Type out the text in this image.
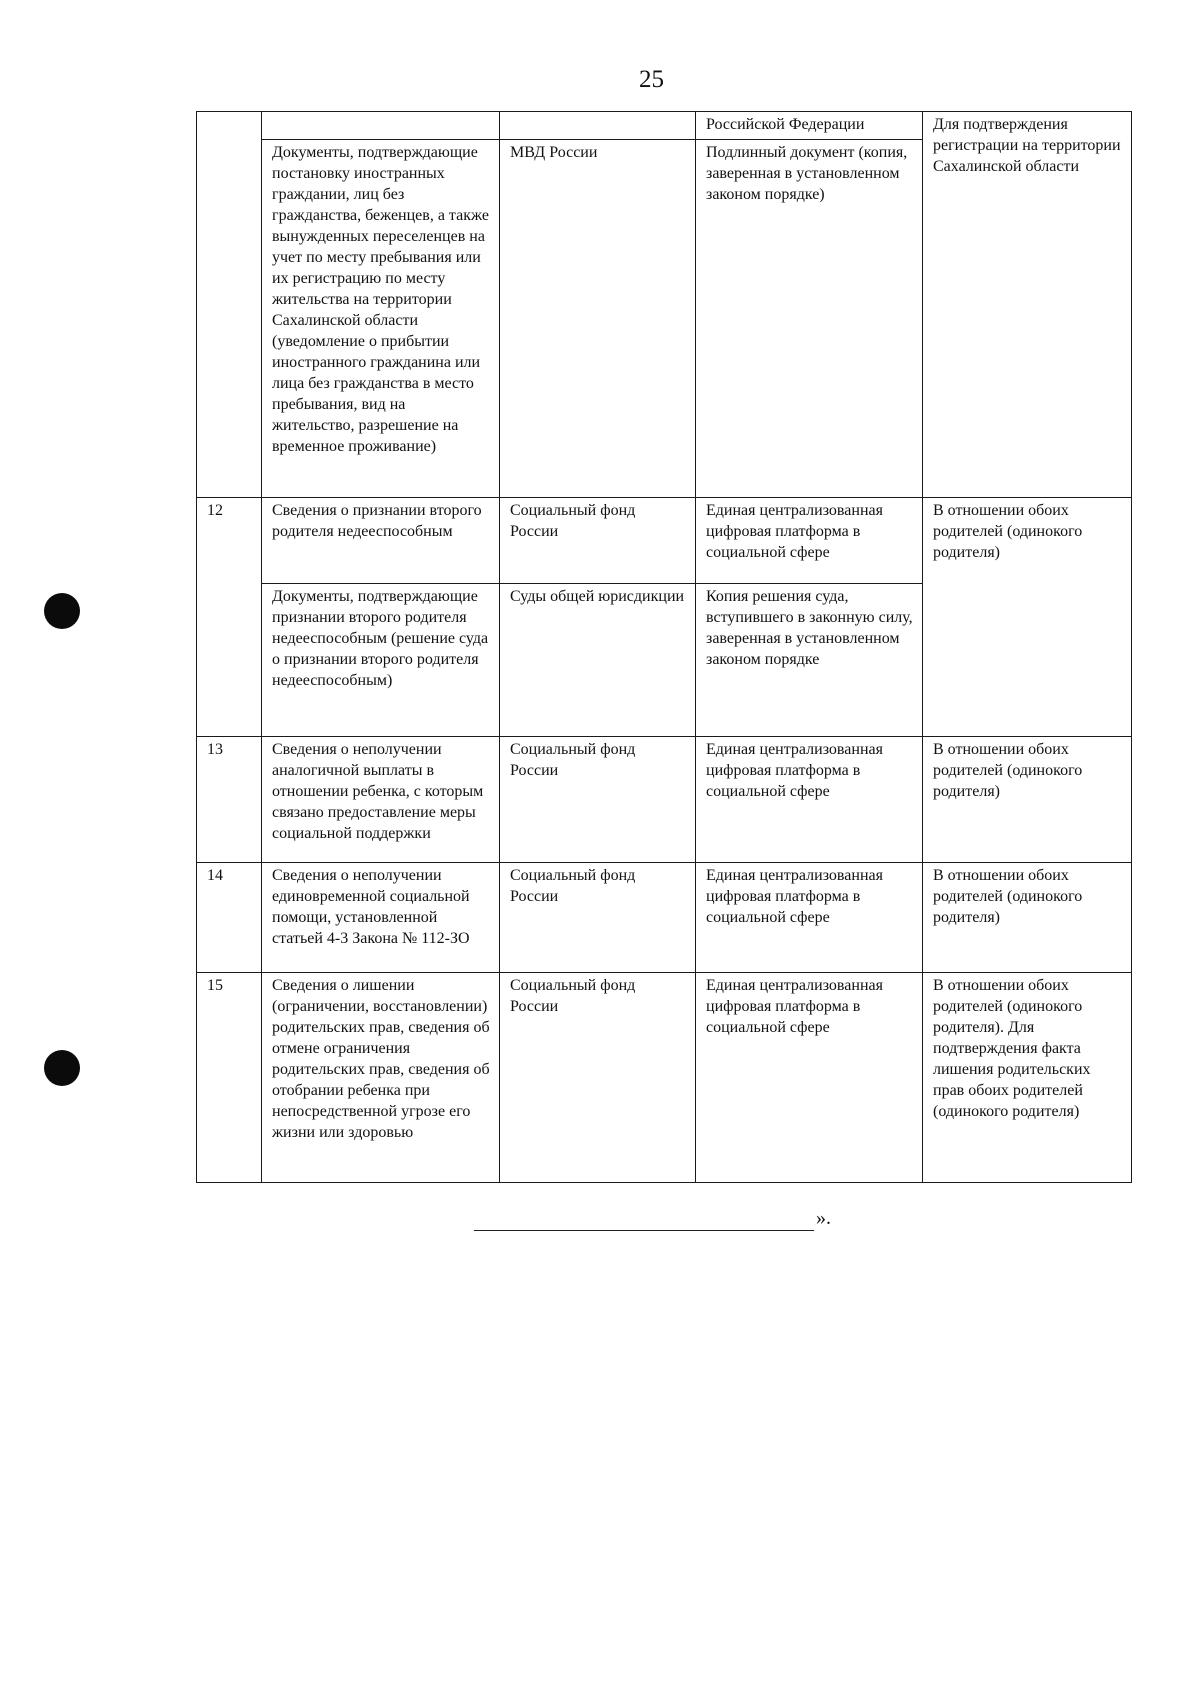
25
			Российской Федерации	Для подтверждения регистрации на территории Сахалинской области
	Документы, подтверждающие постановку иностранных граждании, лиц без гражданства, беженцев, а также вынужденных переселенцев на учет по месту пребывания или их регистрацию по месту жительства на территории Сахалинской области (уведомление о прибытии иностранного гражданина или лица без гражданства в место пребывания, вид на жительство, разрешение на временное проживание)	МВД России	Подлинный документ (копия, заверенная в установленном законом порядке)	
12	Сведения о признании второго родителя недееспособным	Социальный фонд России	Единая централизованная цифровая платформа в социальной сфере	В отношении обоих родителей (одинокого родителя)
	Документы, подтверждающие признании второго родителя недееспособным (решение суда о признании второго родителя недееспособным)	Суды общей юрисдикции	Копия решения суда, вступившего в законную силу, заверенная в установленном законом порядке	
13	Сведения о неполучении аналогичной выплаты в отношении ребенка, с которым связано предоставление меры социальной поддержки	Социальный фонд России	Единая централизованная цифровая платформа в социальной сфере	В отношении обоих родителей (одинокого родителя)
14	Сведения о неполучении единовременной социальной помощи, установленной статьей 4-3 Закона № 112-ЗО	Социальный фонд России	Единая централизованная цифровая платформа в социальной сфере	В отношении обоих родителей (одинокого родителя)
15	Сведения о лишении (ограничении, восстановлении) родительских прав, сведения об отмене ограничения родительских прав, сведения об отобрании ребенка при непосредственной угрозе его жизни или здоровью	Социальный фонд России	Единая централизованная цифровая платформа в социальной сфере	В отношении обоих родителей (одинокого родителя). Для подтверждения факта лишения родительских прав обоих родителей (одинокого родителя)
».
